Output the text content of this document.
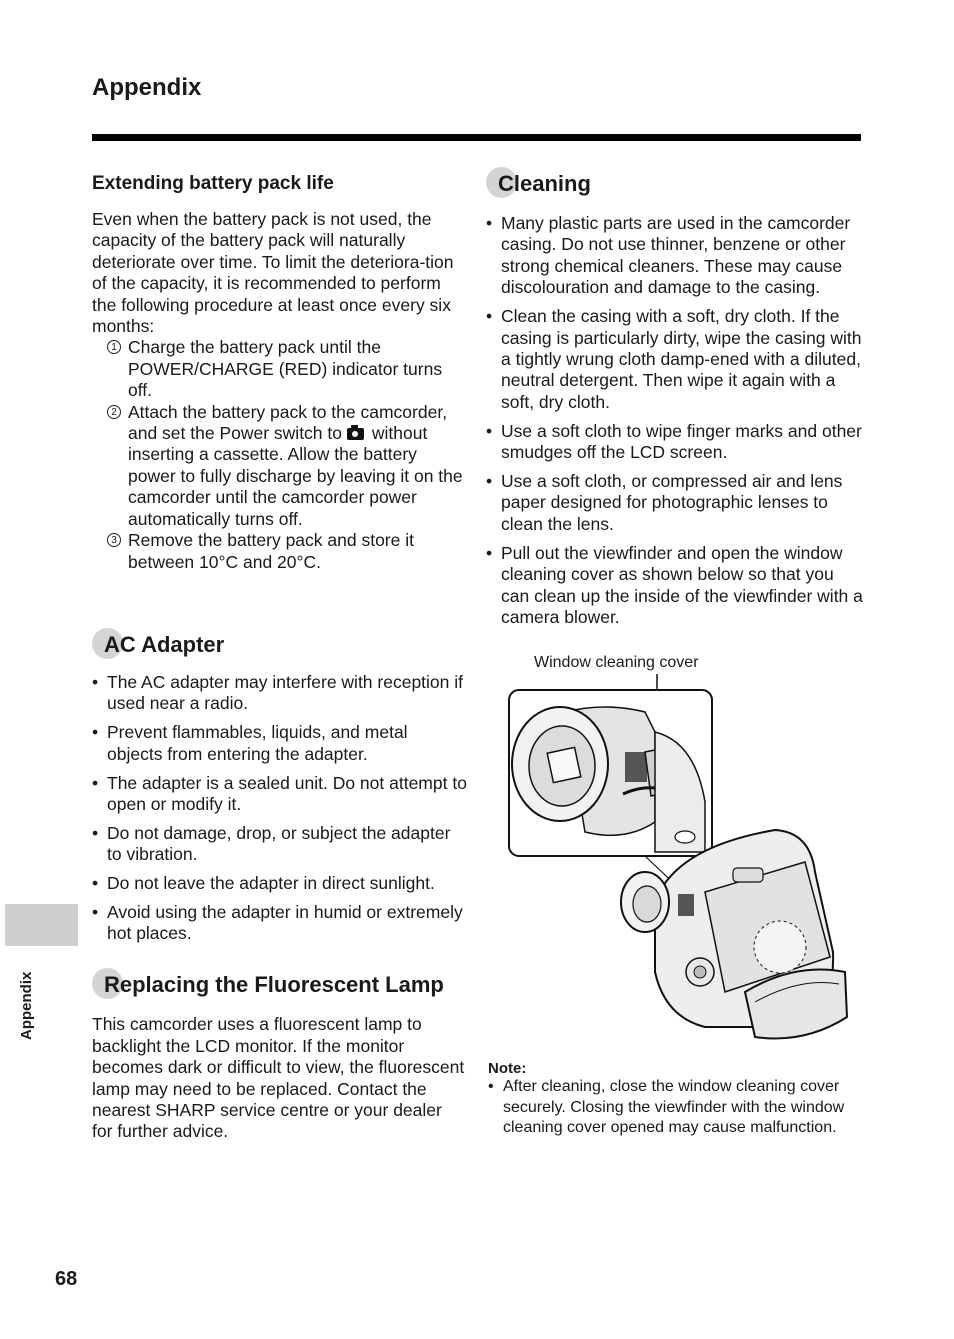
Appendix
Extending battery pack life

Even when the battery pack is not used, the capacity of the battery pack will naturally deteriorate over time. To limit the deteriora-tion of the capacity, it is recommended to perform the following procedure at least once every six months:

1 Charge the battery pack until the POWER/CHARGE (RED) indicator turns off.
2 Attach the battery pack to the camcorder, and set the Power switch to without inserting a cassette. Allow the battery power to fully discharge by leaving it on the camcorder until the camcorder power automatically turns off.
3 Remove the battery pack and store it between 10°C and 20°C.
AC Adapter
• The AC adapter may interfere with reception if used near a radio.
• Prevent flammables, liquids, and metal objects from entering the adapter.
• The adapter is a sealed unit. Do not attempt to open or modify it.
• Do not damage, drop, or subject the adapter to vibration.
• Do not leave the adapter in direct sunlight.
• Avoid using the adapter in humid or extremely hot places.
Replacing the Fluorescent Lamp

This camcorder uses a fluorescent lamp to backlight the LCD monitor. If the monitor becomes dark or difficult to view, the fluorescent lamp may need to be replaced. Contact the nearest SHARP service centre or your dealer for further advice.

Cleaning
• Many plastic parts are used in the camcorder casing. Do not use thinner, benzene or other strong chemical cleaners. These may cause discolouration and damage to the casing.
• Clean the casing with a soft, dry cloth. If the casing is particularly dirty, wipe the casing with a tightly wrung cloth damp-ened with a diluted, neutral detergent. Then wipe it again with a soft, dry cloth.
• Use a soft cloth to wipe finger marks and other smudges off the LCD screen.
• Use a soft cloth, or compressed air and lens paper designed for photographic lenses to clean the lens.
• Pull out the viewfinder and open the window cleaning cover as shown below so that you can clean up the inside of the viewfinder with a camera blower.
Window cleaning cover

Note:

• After cleaning, close the window cleaning cover securely. Closing the viewfinder with the window cleaning cover opened may cause malfunction.
Appendix
68
